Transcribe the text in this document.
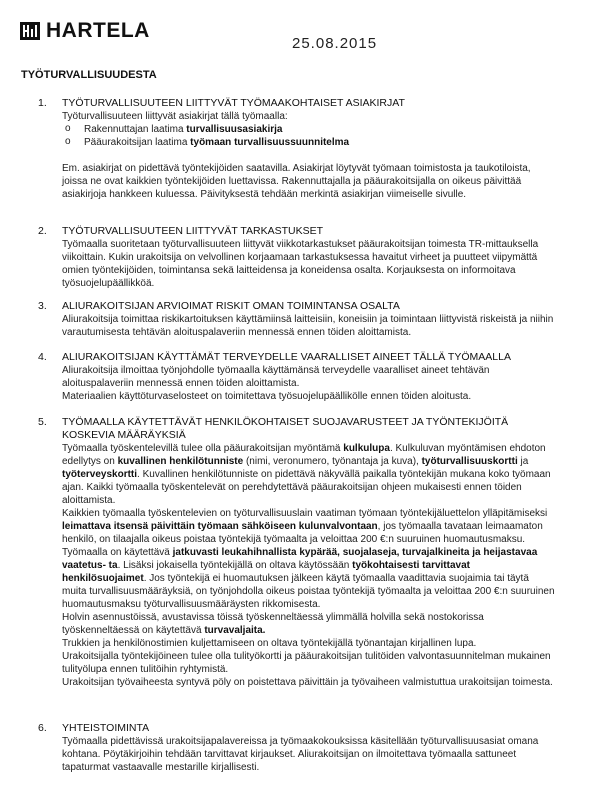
HARTELA
25.08.2015
TYÖTURVALLISUUDESTA
1. TYÖTURVALLISUUTEEN LIITTYVÄT TYÖMAAKOHTAISET ASIAKIRJAT

Työturvallisuuteen liittyvät asiakirjat tällä työmaalla:

o Rakennuttajan laatima turvallisuusasiakirja
o Pääurakoitsijan laatima työmaan turvallisuussuunnitelma

Em. asiakirjat on pidettävä työntekijöiden saatavilla. Asiakirjat löytyvät työmaan toimistosta ja taukotiloista, joissa ne ovat kaikkien työntekijöiden luettavissa. Rakennuttajalla ja pääurakoitsijalla on oikeus päivittää asiakirjoja hankkeen kuluessa. Päivityksestä tehdään merkintä asiakirjan viimeiselle sivulle.

2. TYÖTURVALLISUUTEEN LIITTYVÄT TARKASTUKSET

Työmaalla suoritetaan työturvallisuuteen liittyvät viikkotarkastukset pääurakoitsijan toimesta TR-mittauksella viikoittain. Kukin urakoitsija on velvollinen korjaamaan tarkastuksessa havaitut virheet ja puutteet viipymättä omien työntekijöiden, toimintansa sekä laitteidensa ja koneidensa osalta. Korjauksesta on informoitava työsuojelupäällikköä.

3. ALIURAKOITSIJAN ARVIOIMAT RISKIT OMAN TOIMINTANSA OSALTA

Aliurakoitsija toimittaa riskikartoituksen käyttämiinsä laitteisiin, koneisiin ja toimintaan liittyvistä riskeistä ja niihin varautumisesta tehtävän aloituspalaveriin mennessä ennen töiden aloittamista.

4. ALIURAKOITSIJAN KÄYTTÄMÄT TERVEYDELLE VAARALLISET AINEET TÄLLÄ TYÖMAALLA

Aliurakoitsija ilmoittaa työnjohdolle työmaalla käyttämänsä terveydelle vaaralliset aineet tehtävän aloituspalaveriin mennessä ennen töiden aloittamista.

Materiaalien käyttöturvaselosteet on toimitettava työsuojelupäällikölle ennen töiden aloitusta.

5. TYÖMAALLA KÄYTETTÄVÄT HENKILÖKOHTAISET SUOJAVARUSTEET JA TYÖNTEKIJÖITÄ KOSKEVIA MÄÄRÄYKSIÄ

Työmaalla työskentelevillä tulee olla pääurakoitsijan myöntämä kulkulupa. Kulkuluvan myöntämisen ehdoton edellytys on kuvallinen henkilötunniste (nimi, veronumero, työnantaja ja kuva), työturvallisuuskortti ja työterveyskortti. Kuvallinen henkilötunniste on pidettävä näkyvällä paikalla työntekijän mukana koko työmaan ajan. Kaikki työmaalla työskentelevät on perehdytettävä pääurakoitsijan ohjeen mukaisesti ennen töiden aloittamista.

Kaikkien työmaalla työskentelevien on työturvallisuuslain vaatiman työmaan työntekijäluettelon ylläpitämiseksi leimattava itsensä päivittäin työmaan sähköiseen kulunvalvontaan, jos työmaalla tavataan leimaamaton henkilö, on tilaajalla oikeus poistaa työntekijä työmaalta ja veloittaa 200 €:n suuruinen huomautusmaksu.

Työmaalla on käytettävä jatkuvasti leukahihnallista kypärää, suojalaseja, turvajalkineita ja heijastavaa vaatetus- ta. Lisäksi jokaisella työntekijällä on oltava käytössään työkohtaisesti tarvittavat henkilösuojaimet. Jos työntekijä ei huomautuksen jälkeen käytä työmaalla vaadittavia suojaimia tai täytä muita turvallisuusmääräyksiä, on työnjohdolla oikeus poistaa työntekijä työmaalta ja veloittaa 200 €:n suuruinen huomautusmaksu työturvallisuusmääräysten rikkomisesta.

Holvin asennustöissä, avustavissa töissä työskenneltäessä ylimmällä holvilla sekä nostokorissa työskenneltäessä on käytettävä turvavaljaita.

Trukkien ja henkilönostimien kuljettamiseen on oltava työntekijällä työnantajan kirjallinen lupa.

Urakoitsijalla työntekijöineen tulee olla tulityökortti ja pääurakoitsijan tulitöiden valvontasuunnitelman mukainen tulityölupa ennen tulitöihin ryhtymistä.

Urakoitsijan työvaiheesta syntyvä pöly on poistettava päivittäin ja työvaiheen valmistuttua urakoitsijan toimesta.

6. YHTEISTOIMINTA

Työmaalla pidettävissä urakoitsijapalavereissa ja työmaakokouksissa käsitellään työturvallisuusasiat omana kohtana. Pöytäkirjoihin tehdään tarvittavat kirjaukset. Aliurakoitsijan on ilmoitettava työmaalla sattuneet tapaturmat vastaavalle mestarille kirjallisesti.
